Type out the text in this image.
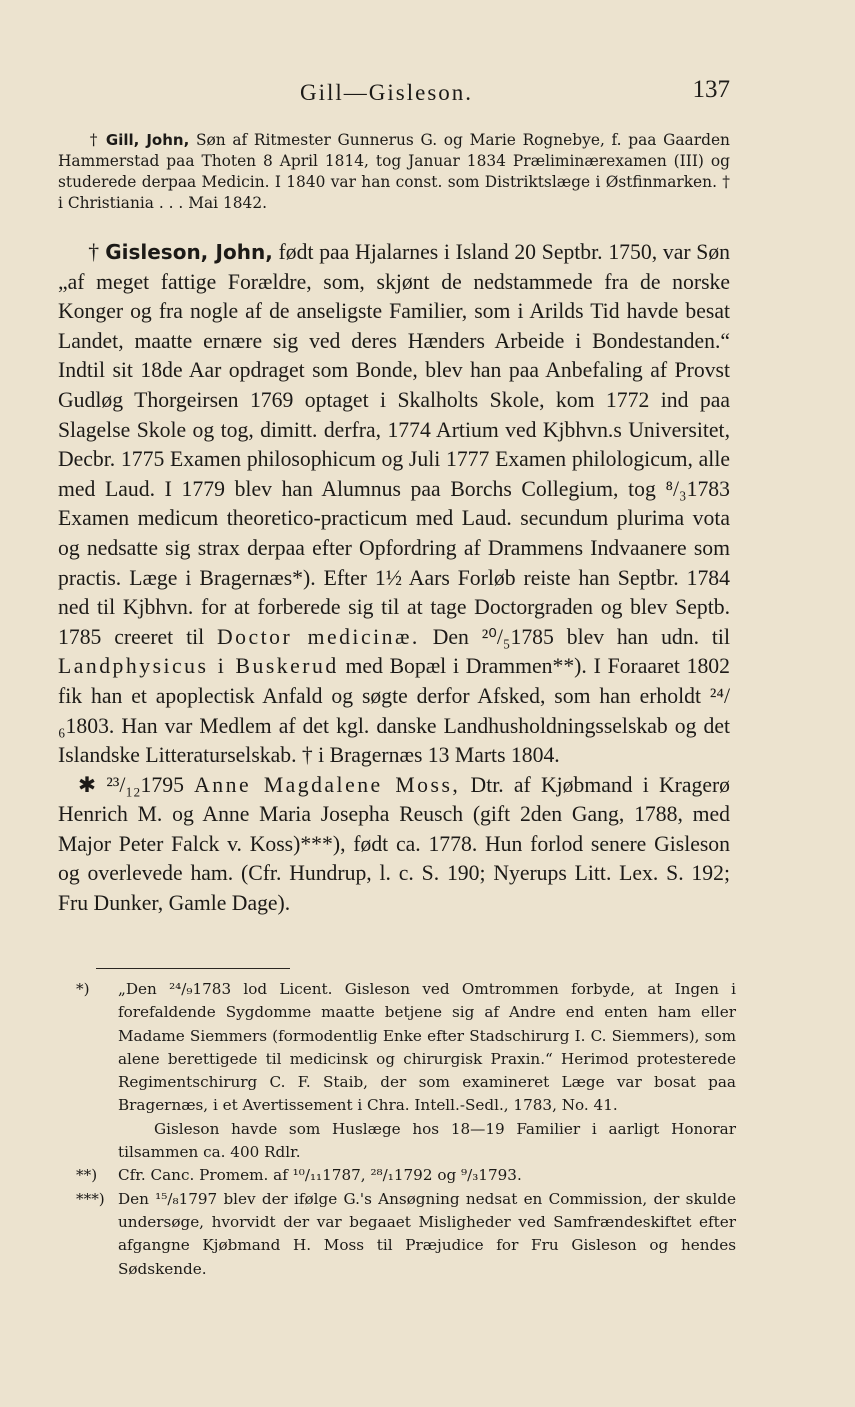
Gill—Gisleson.	137

† Gill, John, Søn af Ritmester Gunnerus G. og Marie Rognebye, f. paa Gaarden Hammerstad paa Thoten 8 April 1814, tog Januar 1834 Præliminærexamen (III) og studerede derpaa Medicin. I 1840 var han const. som Distriktslæge i Østfinmarken. † i Christiania . . . Mai 1842.

† Gisleson, John, født paa Hjalarnes i Island 20 Septbr. 1750, var Søn „af meget fattige Forældre, som, skjønt de nedstammede fra de norske Konger og fra nogle af de anseligste Familier, som i Arilds Tid havde besat Landet, maatte ernære sig ved deres Hænders Arbeide i Bondestanden.“ Indtil sit 18de Aar opdraget som Bonde, blev han paa Anbefaling af Provst Gudløg Thorgeirsen 1769 optaget i Skalholts Skole, kom 1772 ind paa Slagelse Skole og tog, dimitt. derfra, 1774 Artium ved Kjbhvn.s Universitet, Decbr. 1775 Examen philosophicum og Juli 1777 Examen philologicum, alle med Laud. I 1779 blev han Alumnus paa Borchs Collegium, tog ⁸/₃1783 Examen medicum theoretico-practicum med Laud. secundum plurima vota og nedsatte sig strax derpaa efter Opfordring af Drammens Indvaanere som practis. Læge i Bragernæs*). Efter 1½ Aars Forløb reiste han Septbr. 1784 ned til Kjbhvn. for at forberede sig til at tage Doctorgraden og blev Septb. 1785 creeret til Doctor medicinæ. Den ²⁰/₅1785 blev han udn. til Landphysicus i Buskerud med Bopæl i Drammen**). I Foraaret 1802 fik han et apoplectisk Anfald og søgte derfor Afsked, som han erholdt ²⁴/₆1803. Han var Medlem af det kgl. danske Landhusholdningsselskab og det Islandske Litteraturselskab. † i Bragernæs 13 Marts 1804.

✱ ²³/₁₂1795 Anne Magdalene Moss, Dtr. af Kjøbmand i Kragerø Henrich M. og Anne Maria Josepha Reusch (gift 2den Gang, 1788, med Major Peter Falck v. Koss)***), født ca. 1778. Hun forlod senere Gisleson og overlevede ham. (Cfr. Hundrup, l. c. S. 190; Nyerups Litt. Lex. S. 192; Fru Dunker, Gamle Dage).

*)	„Den ²⁴/₉1783 lod Licent. Gisleson ved Omtrommen forbyde, at Ingen i forefaldende Sygdomme maatte betjene sig af Andre end enten ham eller Madame Siemmers (formodentlig Enke efter Stadschirurg I. C. Siemmers), som alene berettigede til medicinsk og chirurgisk Praxin.“ Herimod protesterede Regimentschirurg C. F. Staib, der som examineret Læge var bosat paa Bragernæs, i et Avertissement i Chra. Intell.-Sedl., 1783, No. 41.

Gisleson havde som Huslæge hos 18—19 Familier i aarligt Honorar tilsammen ca. 400 Rdlr.

**)	Cfr. Canc. Promem. af ¹⁰/₁₁1787, ²⁸/₁1792 og ⁹/₃1793.

***) Den ¹⁵/₈1797 blev der ifølge G.'s Ansøgning nedsat en Commission, der skulde undersøge, hvorvidt der var begaaet Misligheder ved Samfrændeskiftet efter afgangne Kjøbmand H. Moss til Præjudice for Fru Gisleson og hendes Sødskende.
